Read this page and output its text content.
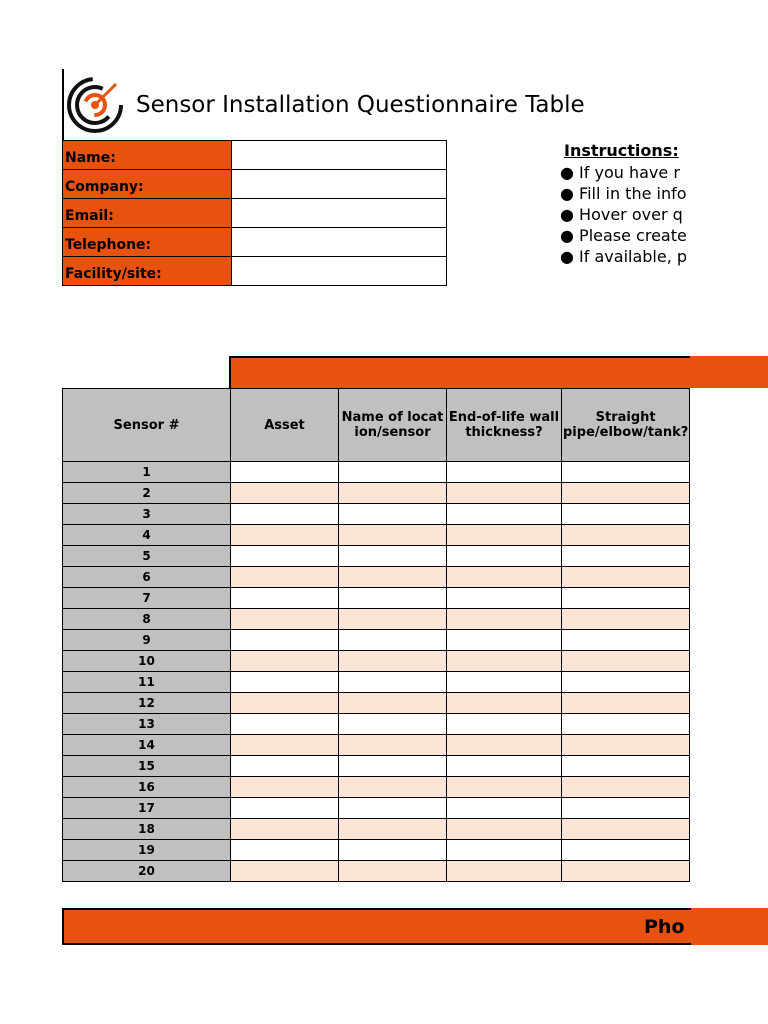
Sensor Installation Questionnaire Table
Name:	
Company:	
Email:	
Telephone:	
Facility/site:	
Instructions:
● If you have r
● Fill in the info
● Hover over q
● Please create
● If available, p
Sensor #	Asset	Name of location/sensor	End-of-life wall thickness?	Straight pipe/elbow/tank?
1				
2				
3				
4				
5				
6				
7				
8				
9				
10				
11				
12				
13				
14				
15				
16				
17				
18				
19				
20				
Pho
